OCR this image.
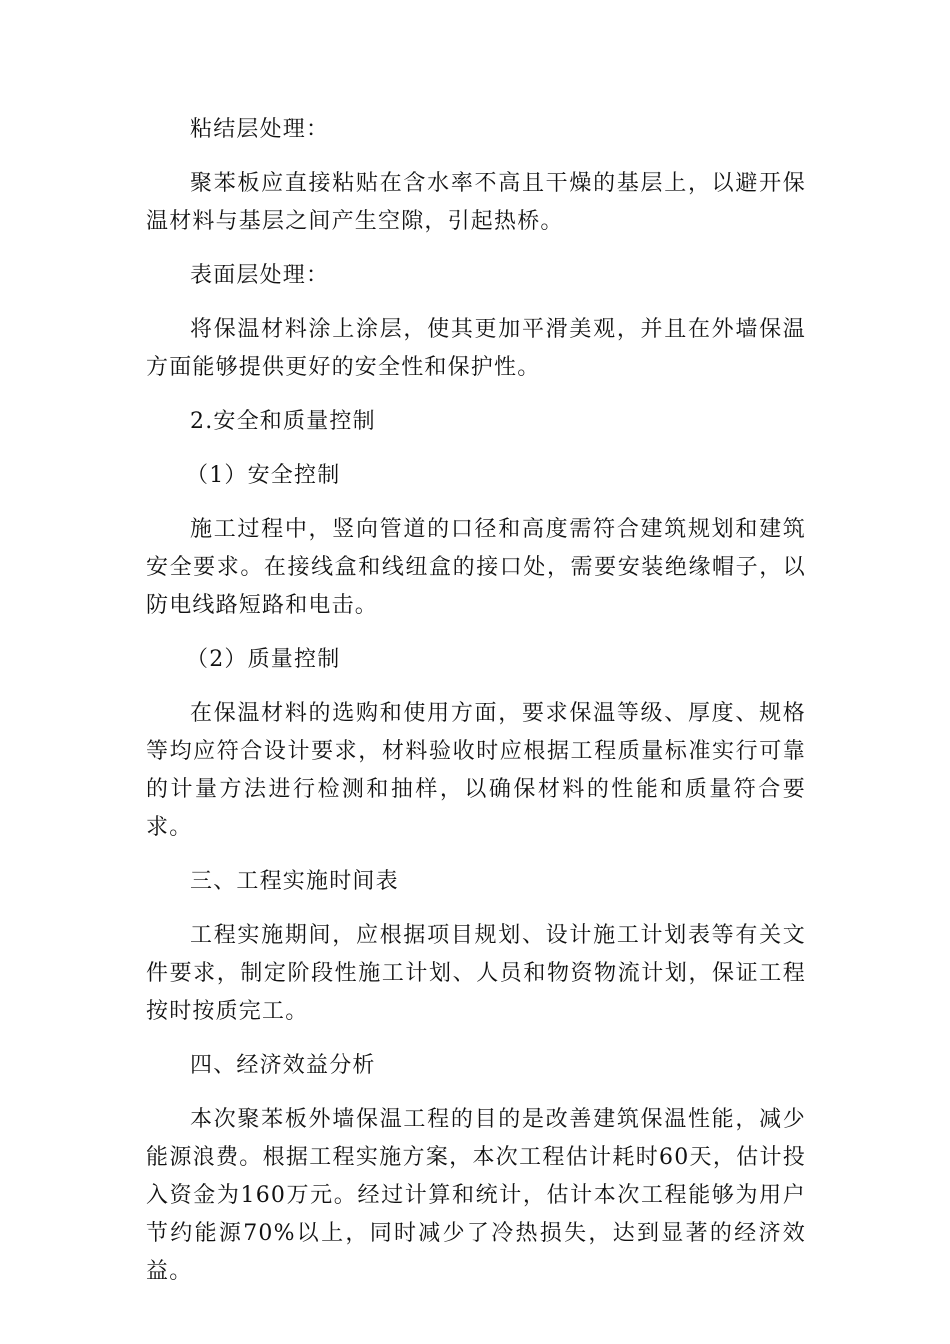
粘结层处理：

聚苯板应直接粘贴在含水率不高且干燥的基层上，以避开保温材料与基层之间产生空隙，引起热桥。

表面层处理：

将保温材料涂上涂层，使其更加平滑美观，并且在外墙保温方面能够提供更好的安全性和保护性。

2.安全和质量控制

（1）安全控制

施工过程中，竖向管道的口径和高度需符合建筑规划和建筑安全要求。在接线盒和线纽盒的接口处，需要安装绝缘帽子，以防电线路短路和电击。

（2）质量控制

在保温材料的选购和使用方面，要求保温等级、厚度、规格等均应符合设计要求，材料验收时应根据工程质量标准实行可靠的计量方法进行检测和抽样，以确保材料的性能和质量符合要求。

三、工程实施时间表

工程实施期间，应根据项目规划、设计施工计划表等有关文件要求，制定阶段性施工计划、人员和物资物流计划，保证工程按时按质完工。

四、经济效益分析

本次聚苯板外墙保温工程的目的是改善建筑保温性能，减少能源浪费。根据工程实施方案，本次工程估计耗时60天，估计投入资金为160万元。经过计算和统计，估计本次工程能够为用户节约能源70%以上，同时减少了冷热损失，达到显著的经济效益。
